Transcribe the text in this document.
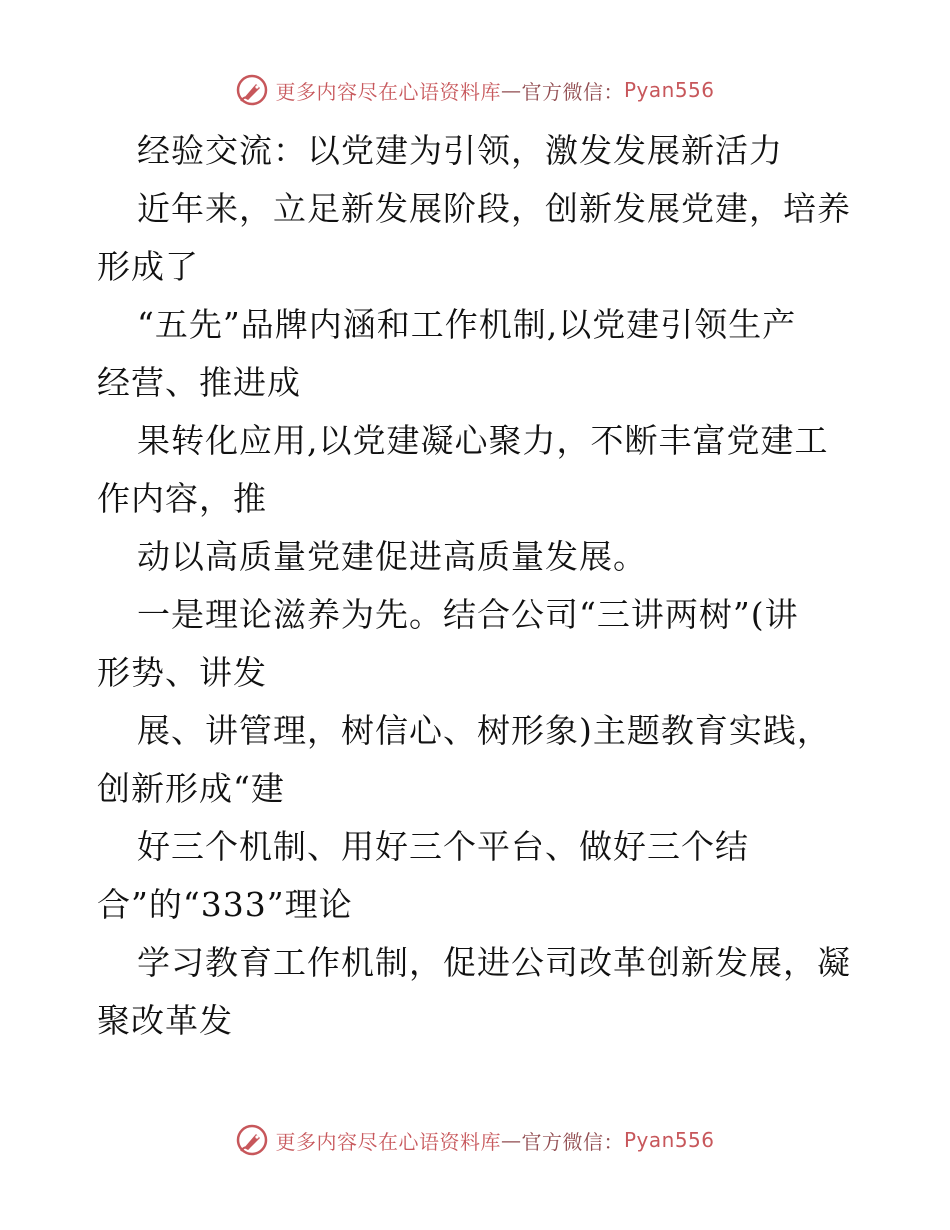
更多内容尽在心语资料库 — 官方微信： Pyan556
经验交流：以党建为引领，激发发展新活力
近年来，立足新发展阶段，创新发展党建，培养
形成了
“五先”品牌内涵和工作机制,以党建引领生产
经营、推进成
果转化应用,以党建凝心聚力，不断丰富党建工
作内容，推
动以高质量党建促进高质量发展。
一是理论滋养为先。结合公司“三讲两树”(讲
形势、讲发
展、讲管理，树信心、树形象)主题教育实践，
创新形成“建
好三个机制、用好三个平台、做好三个结
合”的“333”理论
学习教育工作机制，促进公司改革创新发展，凝
聚改革发
更多内容尽在心语资料库 — 官方微信： Pyan556
